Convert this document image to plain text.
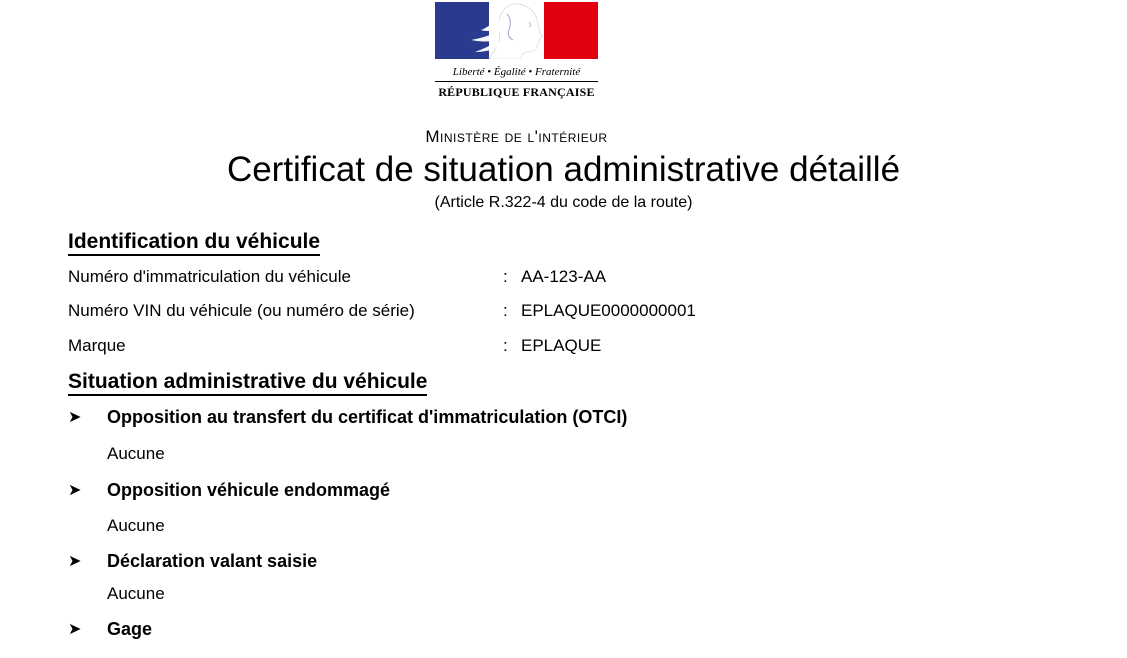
Liberté • Égalité • Fraternité
RÉPUBLIQUE FRANÇAISE
Ministère de l'intérieur
Certificat de situation administrative détaillé
(Article R.322-4 du code de la route)
Identification du véhicule
Numéro d'immatriculation du véhicule	: AA-123-AA
Numéro VIN du véhicule (ou numéro de série)	: EPLAQUE0000000001
Marque	: EPLAQUE
Situation administrative du véhicule
➤ Opposition au transfert du certificat d'immatriculation (OTCI)
Aucune
➤ Opposition véhicule endommagé
Aucune
➤ Déclaration valant saisie
Aucune
➤ Gage
